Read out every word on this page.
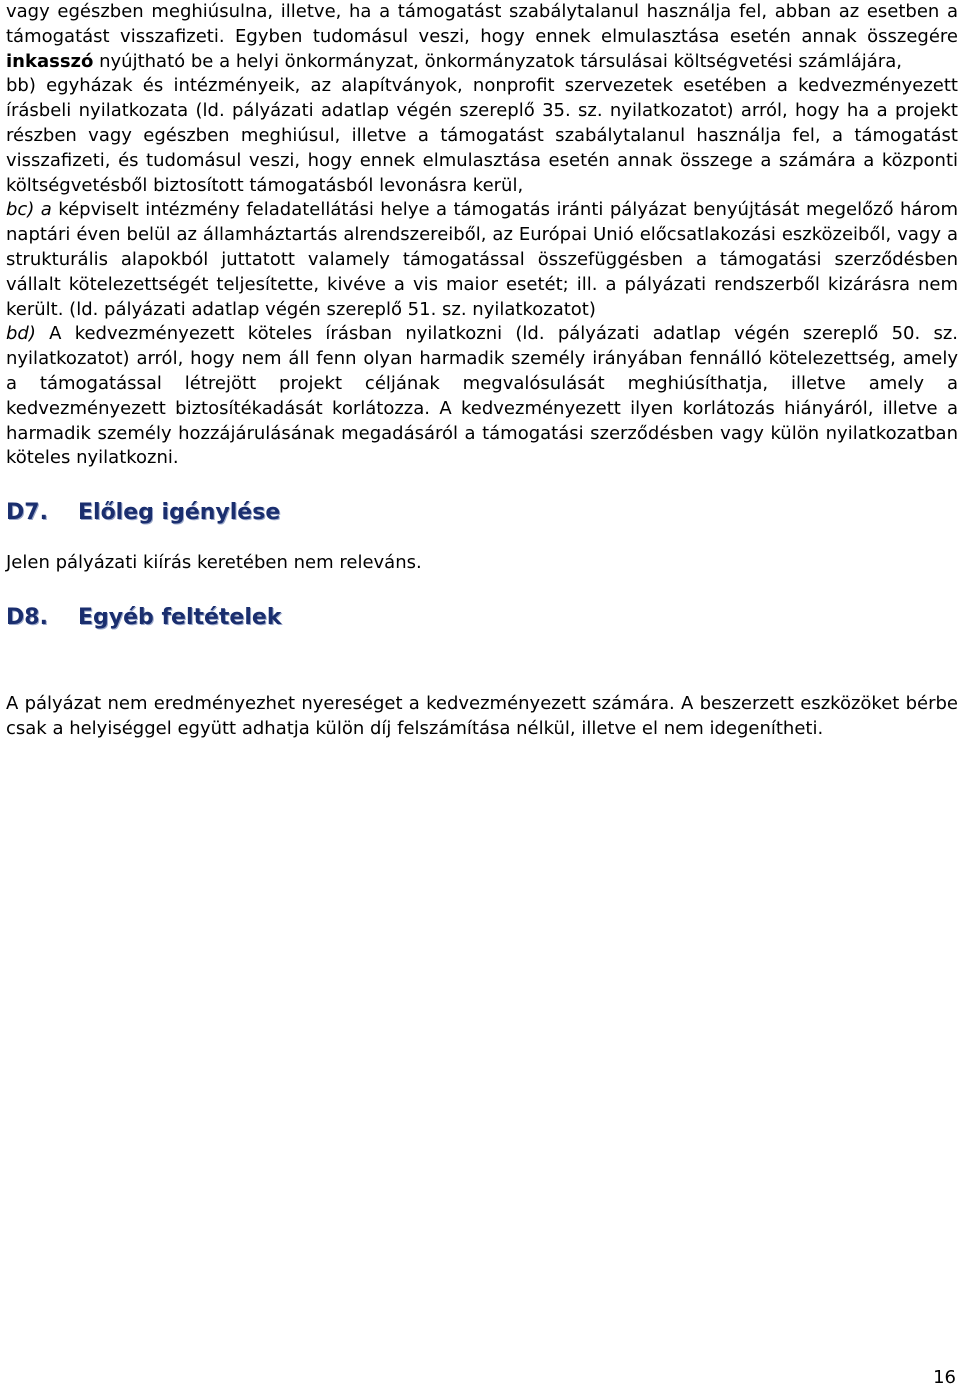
vagy egészben meghiúsulna, illetve, ha a támogatást szabálytalanul használja fel, abban az esetben a támogatást visszafizeti. Egyben tudomásul veszi, hogy ennek elmulasztása esetén annak összegére inkasszó nyújtható be a helyi önkormányzat, önkormányzatok társulásai költségvetési számlájára,

bb) egyházak és intézményeik, az alapítványok, nonprofit szervezetek esetében a kedvezményezett írásbeli nyilatkozata (ld. pályázati adatlap végén szereplő 35. sz. nyilatkozatot) arról, hogy ha a projekt részben vagy egészben meghiúsul, illetve a támogatást szabálytalanul használja fel, a támogatást visszafizeti, és tudomásul veszi, hogy ennek elmulasztása esetén annak összege a számára a központi költségvetésből biztosított támogatásból levonásra kerül,

bc) a képviselt intézmény feladatellátási helye a támogatás iránti pályázat benyújtását megelőző három naptári éven belül az államháztartás alrendszereiből, az Európai Unió előcsatlakozási eszközeiből, vagy a strukturális alapokból juttatott valamely támogatással összefüggésben a támogatási szerződésben vállalt kötelezettségét teljesítette, kivéve a vis maior esetét; ill. a pályázati rendszerből kizárásra nem került. (ld. pályázati adatlap végén szereplő 51. sz. nyilatkozatot)

bd) A kedvezményezett köteles írásban nyilatkozni (ld. pályázati adatlap végén szereplő 50. sz. nyilatkozatot) arról, hogy nem áll fenn olyan harmadik személy irányában fennálló kötelezettség, amely a támogatással létrejött projekt céljának megvalósulását meghiúsíthatja, illetve amely a kedvezményezett biztosítékadását korlátozza. A kedvezményezett ilyen korlátozás hiányáról, illetve a harmadik személy hozzájárulásának megadásáról a támogatási szerződésben vagy külön nyilatkozatban köteles nyilatkozni.

D7. Előleg igénylése

Jelen pályázati kiírás keretében nem releváns.

D8. Egyéb feltételek

A pályázat nem eredményezhet nyereséget a kedvezményezett számára. A beszerzett eszközöket bérbe csak a helyiséggel együtt adhatja külön díj felszámítása nélkül, illetve el nem idegenítheti.

16
